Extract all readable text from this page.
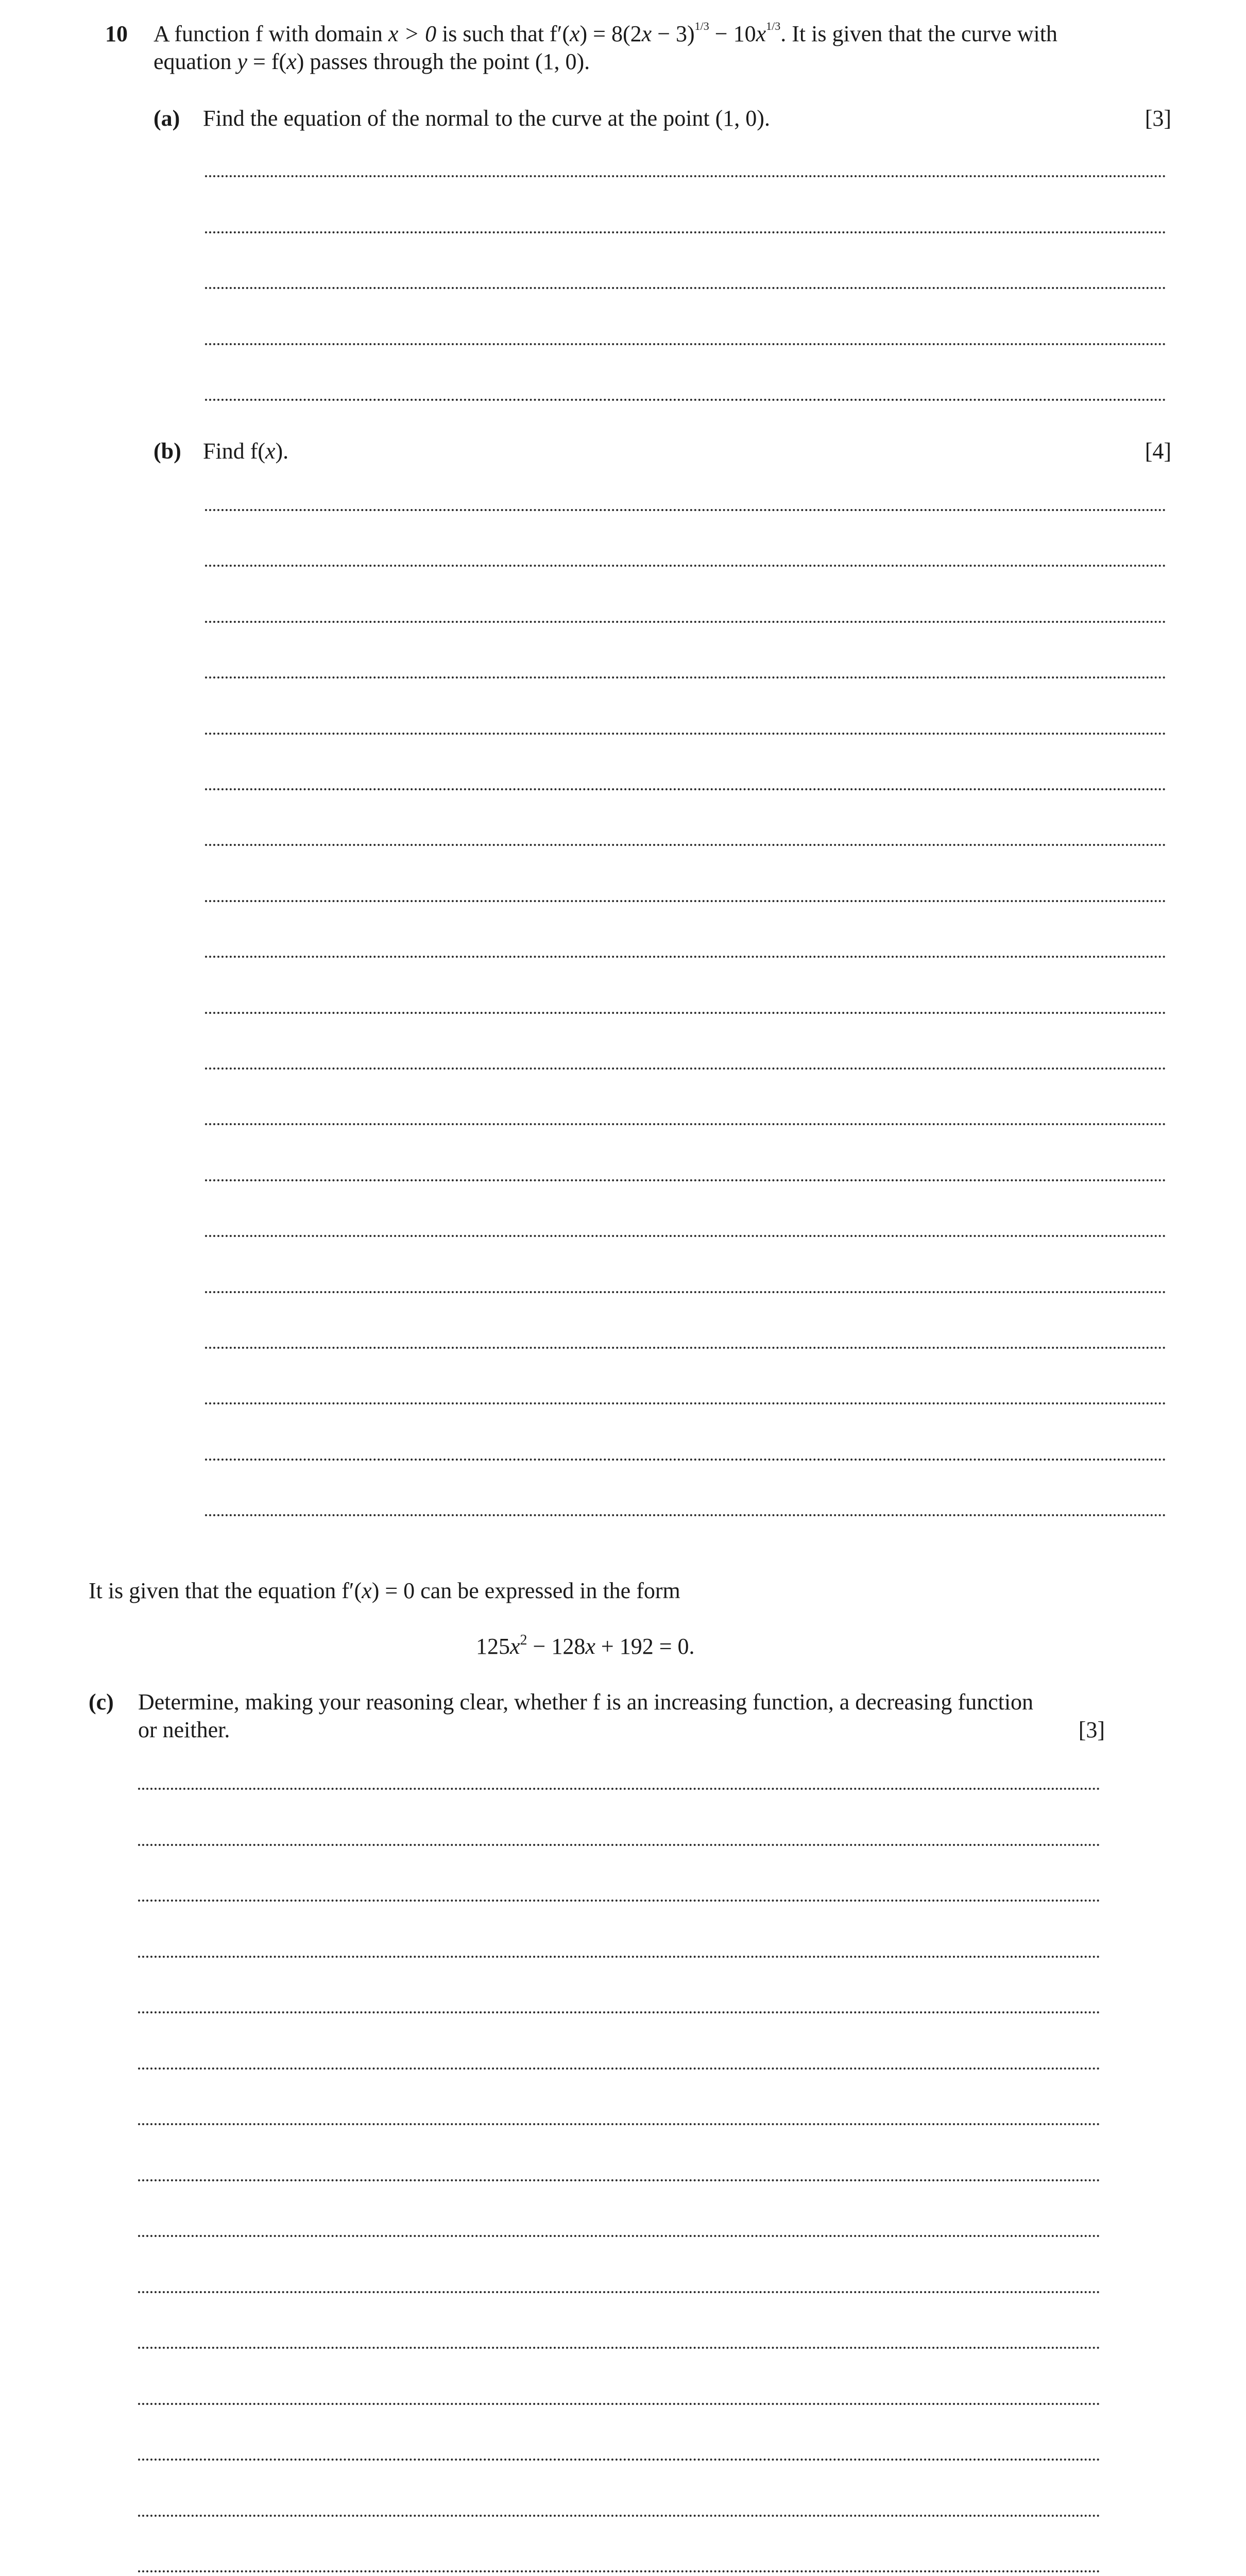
10 A function f with domain x > 0 is such that $f'(x) = 8(2x - 3)^{1/3} - 10x^{1/3}$. It is given that the curve with
equation y = f(x) passes through the point (1, 0).
(a) Find the equation of the normal to the curve at the point (1, 0).	[3]
(b) Find f(x).	[4]
It is given that the equation f′(x) = 0 can be expressed in the form
$125x^2 - 128x + 192 = 0$.
(c) Determine, making your reasoning clear, whether f is an increasing function, a decreasing function
or neither.	[3]
